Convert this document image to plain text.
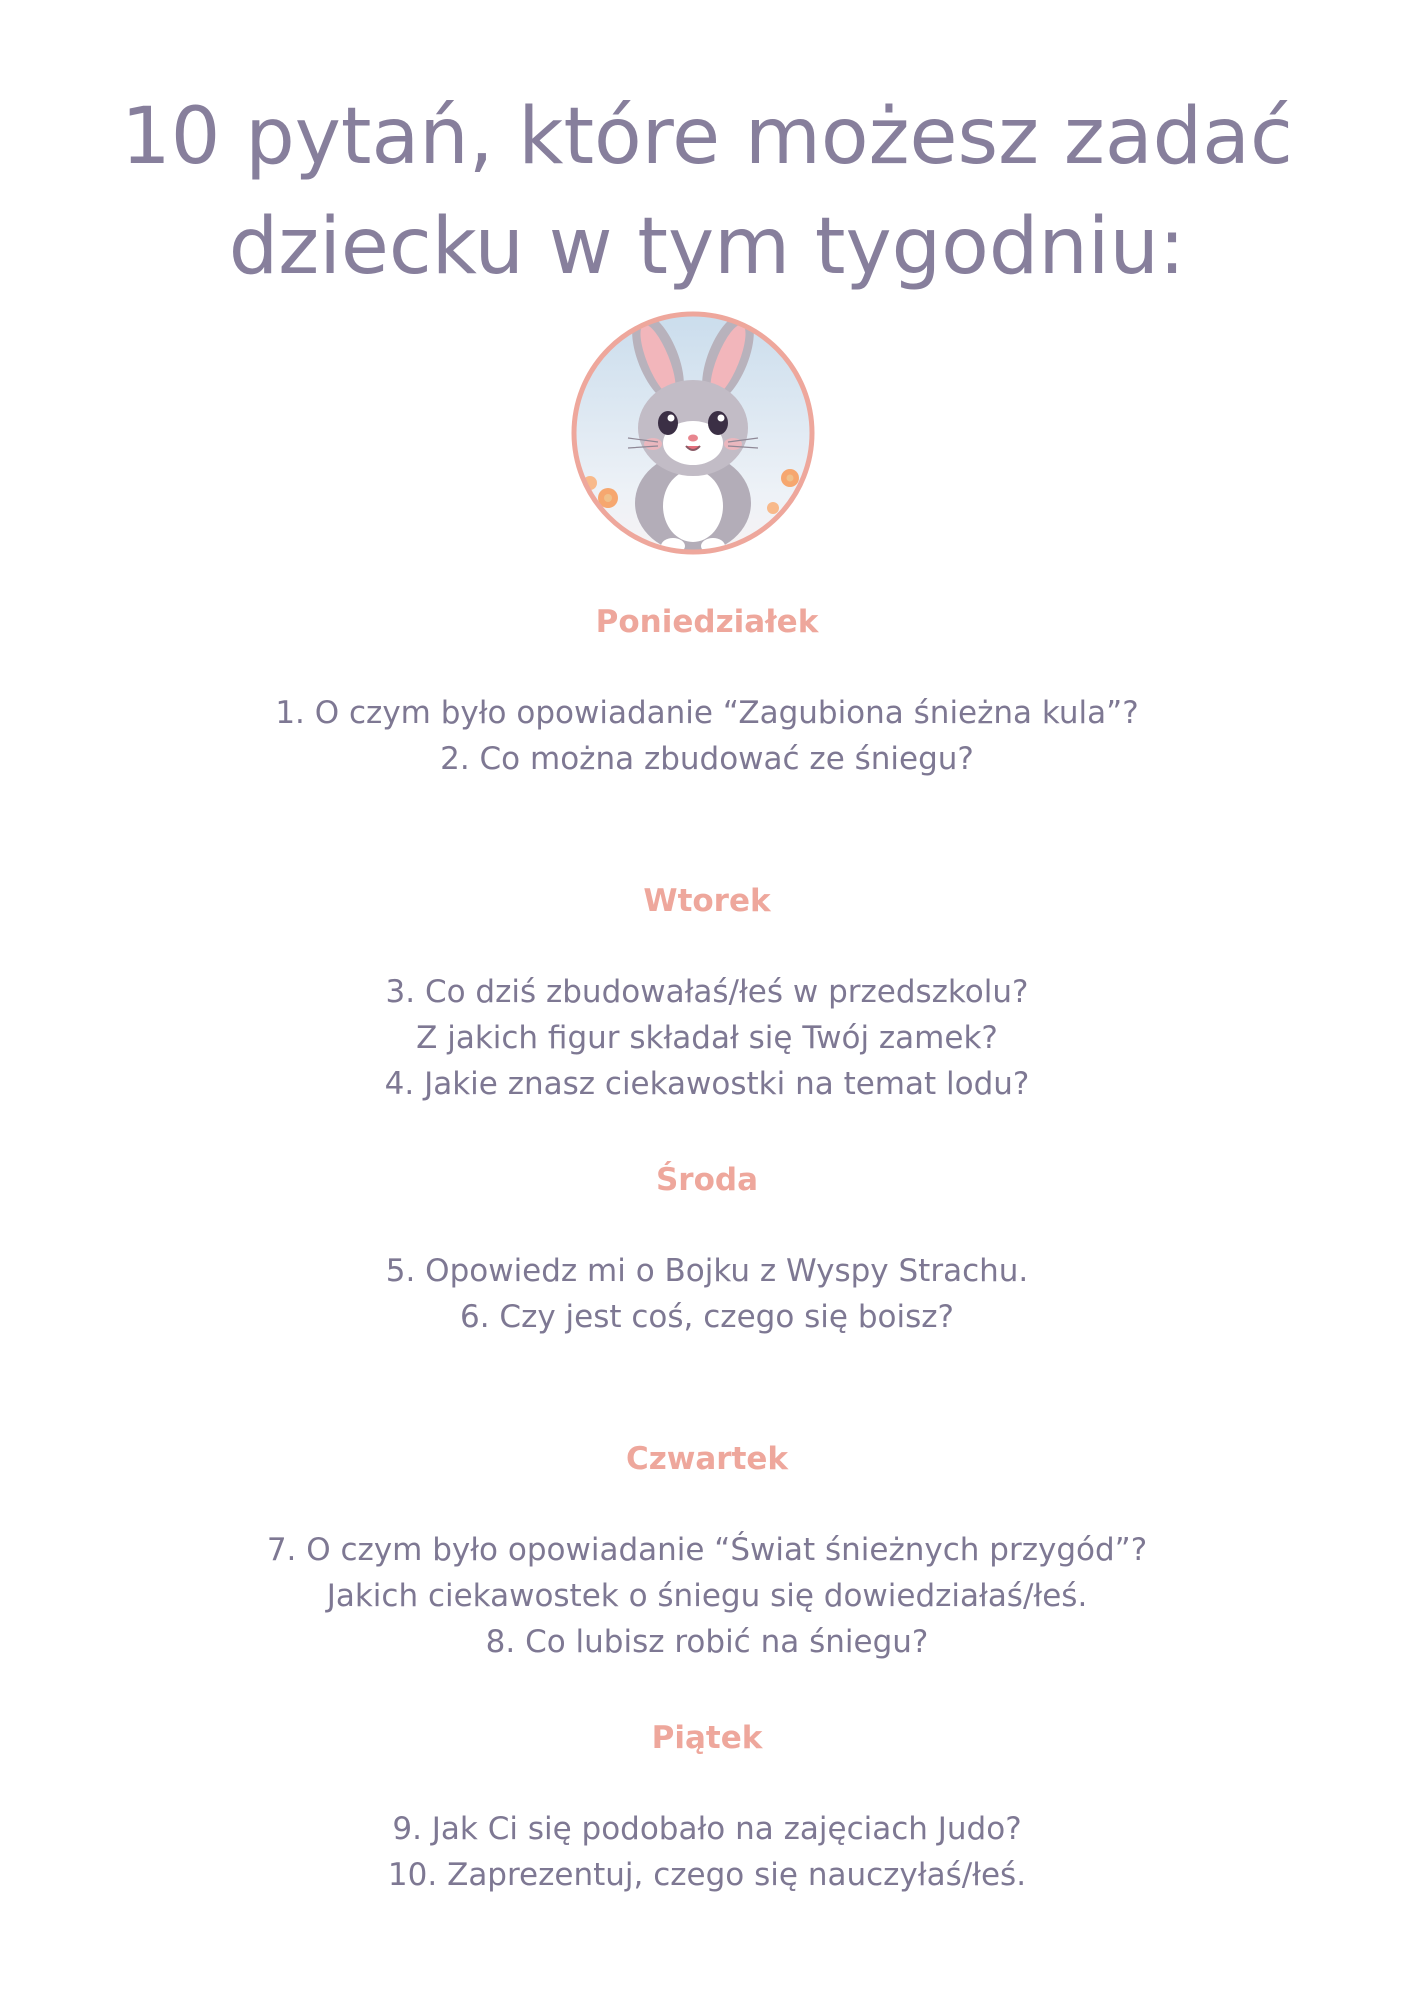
10 pytań, które możesz zadać
dziecku w tym tygodniu:
Poniedziałek
1. O czym było opowiadanie “Zagubiona śnieżna kula”?
2. Co można zbudować ze śniegu?
Wtorek
3. Co dziś zbudowałaś/łeś w przedszkolu?
Z jakich figur składał się Twój zamek?
4. Jakie znasz ciekawostki na temat lodu?
Środa
5. Opowiedz mi o Bojku z Wyspy Strachu.
6. Czy jest coś, czego się boisz?
Czwartek
7. O czym było opowiadanie “Świat śnieżnych przygód”?
Jakich ciekawostek o śniegu się dowiedziałaś/łeś.
8. Co lubisz robić na śniegu?
Piątek
9. Jak Ci się podobało na zajęciach Judo?
10. Zaprezentuj, czego się nauczyłaś/łeś.
